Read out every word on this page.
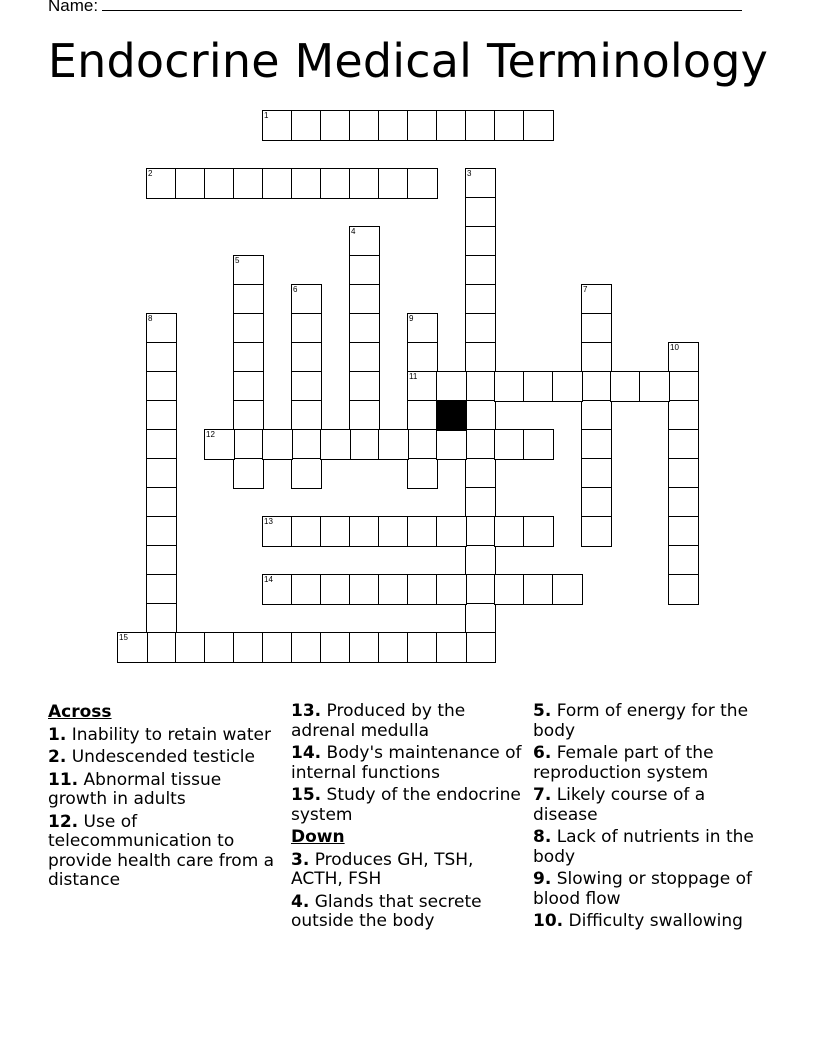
Name:
Endocrine Medical Terminology
1
2	3
4
5
6	7
8	9
11
10
12
13
14
15
Across
1. Inability to retain water
2. Undescended testicle
11. Abnormal tissue growth in adults
12. Use of telecommunication to provide health care from a distance
13. Produced by the adrenal medulla
14. Body's maintenance of internal functions
15. Study of the endocrine system
Down
3. Produces GH, TSH, ACTH, FSH
4. Glands that secrete outside the body
5. Form of energy for the body
6. Female part of the reproduction system
7. Likely course of a disease
8. Lack of nutrients in the body
9. Slowing or stoppage of blood flow
10. Difficulty swallowing
